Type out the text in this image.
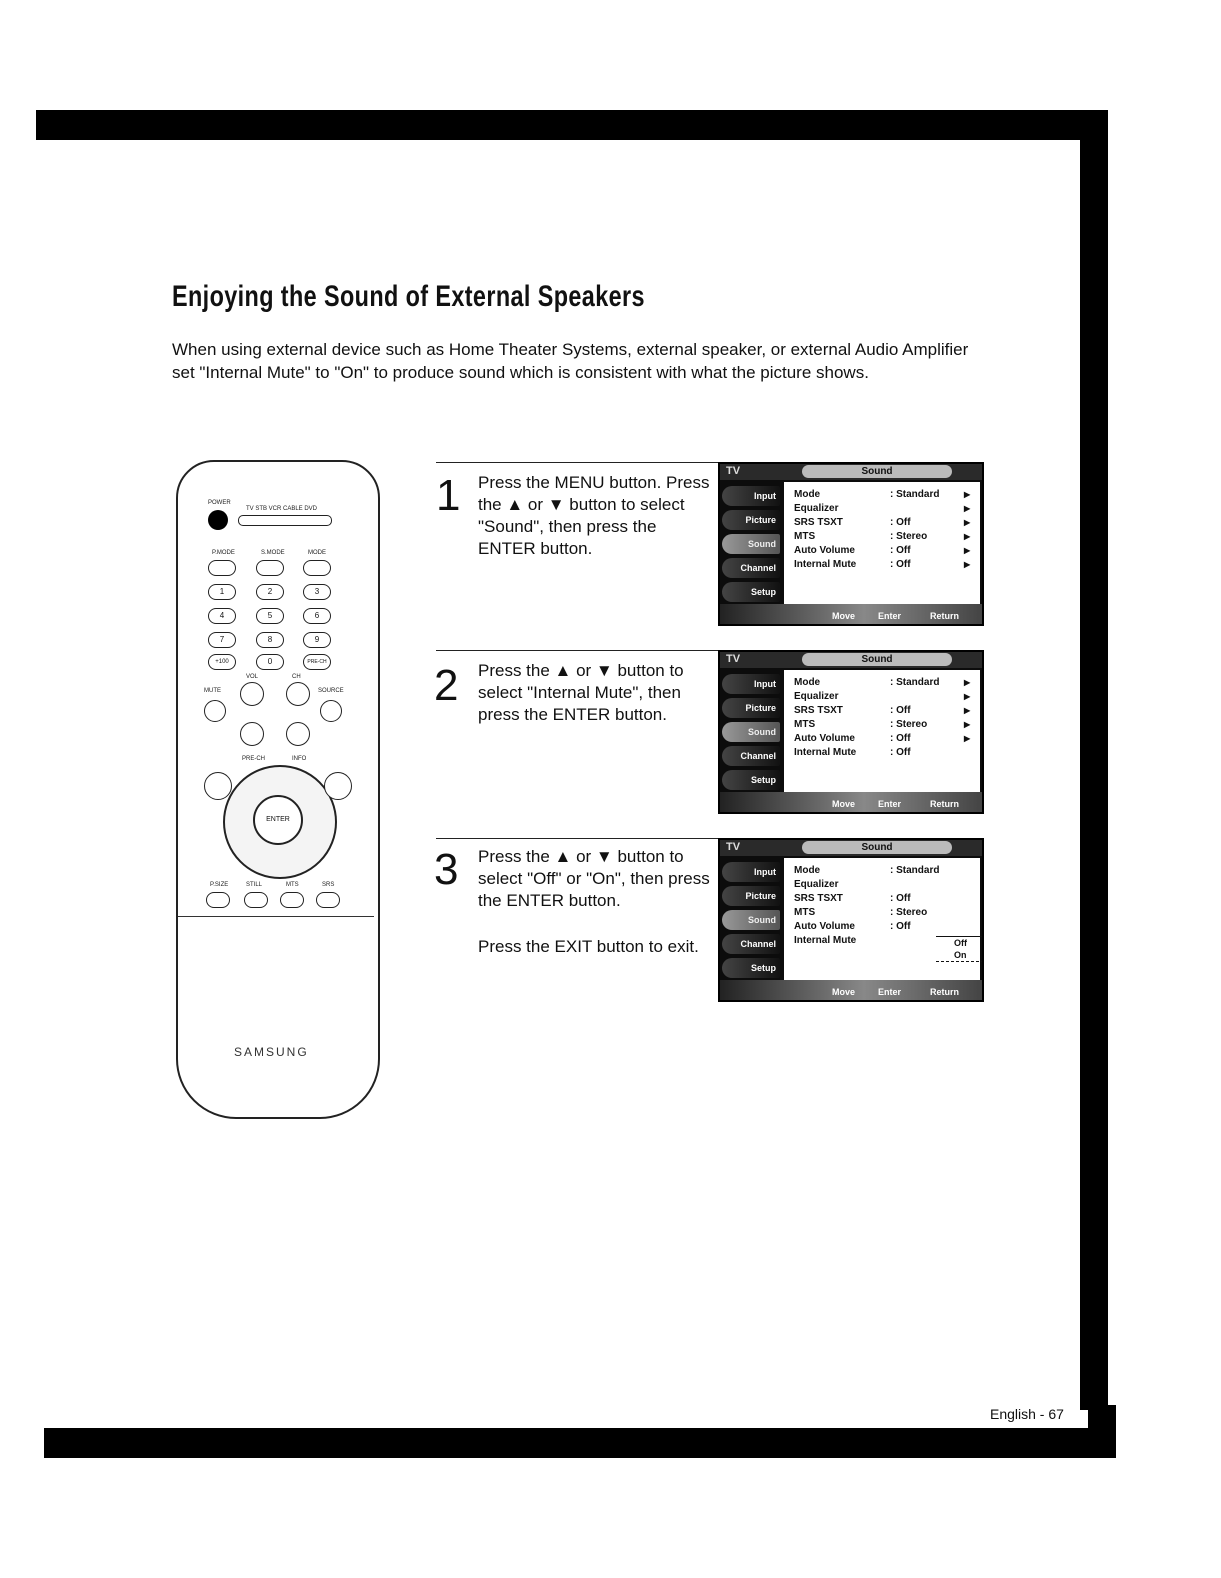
Enjoying the Sound of External Speakers

When using external device such as Home Theater Systems, external speaker, or external Audio Amplifier set "Internal Mute" to "On" to produce sound which is consistent with what the picture shows.

POWER
TV STB VCR CABLE DVD
P.MODE	S.MODE	MODE
1	2	3
4	5	6
7	8	9
+100	0	PRE-CH
VOL	CH
MUTE	SOURCE
PRE-CH	INFO
ENTER
P.SIZE	STILL	MTS	SRS
SAMSUNG
1 Press the MENU button. Press the ▲ or ▼ button to select "Sound", then press the ENTER button.

TV	Sound
Input
Picture
Sound
Channel
Setup
Mode	: Standard	▶
Equalizer	▶
SRS TSXT	: Off	▶
MTS	: Stereo	▶
Auto Volume	: Off	▶
Internal Mute	: Off	▶
Move	Enter	Return
2 Press the ▲ or ▼ button to select "Internal Mute", then press the ENTER button.

TV	Sound
Input
Picture
Sound
Channel
Setup
Mode	: Standard	▶
Equalizer	▶
SRS TSXT	: Off	▶
MTS	: Stereo	▶
Auto Volume	: Off	▶
Internal Mute	: Off
Move	Enter	Return
3 Press the ▲ or ▼ button to select "Off" or "On", then press the ENTER button.

Press the EXIT button to exit.

TV	Sound
Input
Picture
Sound
Channel
Setup
Mode	: Standard
Equalizer
SRS TSXT	: Off
MTS	: Stereo
Auto Volume	: Off
Internal Mute	Off
On
Move	Enter	Return

English - 67
